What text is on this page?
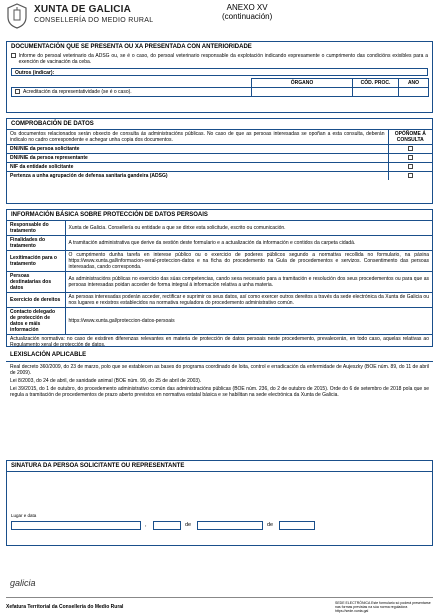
XUNTA DE GALICIA
CONSELLERÍA DO MEDIO RURAL
ANEXO XV
(continuación)
DOCUMENTACIÓN QUE SE PRESENTA OU XA PRESENTADA CON ANTERIORIDADE
Informe do persoal veterinario da ADSG ou, se é o caso, do persoal veterinario responsable da explotación indicando expresamente o cumprimento das condicións exixibles para a exención de vacinación da ceba.
Outros (indicar):
	ÓRGANO	CÓD. PROC.	ANO
Acreditación da representatividade (se é o caso).			
COMPROBACIÓN DE DATOS
Os documentos relacionados serán obxecto de consulta ás administracións públicas. No caso de que as persoas interesadas se opoñan a esta consulta, deberán indicalo no cadro correspondente e achegar unha copia dos documentos.	OPÓÑOME Á CONSULTA
DNI/NIE da persoa solicitante	
DNI/NIE da persoa representante	
NIF da entidade solicitante	
Pertenza a unha agrupación de defensa sanitaria gandeira (ADSG)	
INFORMACIÓN BÁSICA SOBRE PROTECCIÓN DE DATOS PERSOAIS
Responsable do tratamento	Xunta de Galicia. Consellería ou entidade a que se dirixe esta solicitude, escrito ou comunicación.
Finalidades do tratamento	A tramitación administrativa que derive da xestión deste formulario e a actualización da información e contidos da carpeta cidadá.
Lexitimación para o tratamento	O cumprimento dunha tarefa en interese público ou o exercicio de poderes públicos segundo a normativa recollida no formulario, na páxina https://www.xunta.gal/informacion-xeral-proteccion-datos e na ficha do procedemento na Guía de procedementos e servizos. Consentimento das persoas interesadas, cando corresponda.
Persoas destinatarias dos datos	As administracións públicas no exercicio das súas competencias, cando sexa necesario para a tramitación e resolución dos seus procedementos ou para que as persoas interesadas poidan acceder de forma integral á información relativa a unha materia.
Exercicio de dereitos	As persoas interesadas poderán acceder, rectificar e suprimir os seus datos, así como exercer outros dereitos a través da sede electrónica da Xunta de Galicia ou nos lugares e rexistros establecidos na normativa reguladora do procedemento administrativo común.
Contacto delegado de protección de datos e máis información	https://www.xunta.gal/proteccion-datos-persoais
Actualización normativa: no caso de existiren diferenzas relevantes en materia de protección de datos persoais neste procedemento, prevalecerán, en todo caso, aquelas relativas ao Regulamento xeral de protección de datos.	
LEXISLACIÓN APLICABLE

Real decreto 360/2009, do 23 de marzo, polo que se establecen as bases do programa coordinado de loita, control e erradicación da enfermidade de Aujeszky (BOE núm. 89, do 11 de abril de 2009).

Lei 8/2003, do 24 de abril, de sanidade animal (BOE núm. 99, do 25 de abril de 2003).

Lei 39/2015, do 1 de outubro, do procedemento administrativo común das administracións públicas (BOE núm. 236, do 2 de outubro de 2015). Orde do 6 de setembro de 2018 pola que se regula a tramitación de procedementos de prazo aberto previstos en normativa estatal básica e se habilitan na sede electrónica da Xunta de Galicia.

SINATURA DA PERSOA SOLICITANTE OU REPRESENTANTE
Lugar e data
,	de	de
galicia
Xefatura Territorial da Consellería do Medio Rural
SEDE ELECTRÓNICA Este formulario só poderá presentarse nas formas previstas na súa norma reguladora https://sede.xunta.gal
